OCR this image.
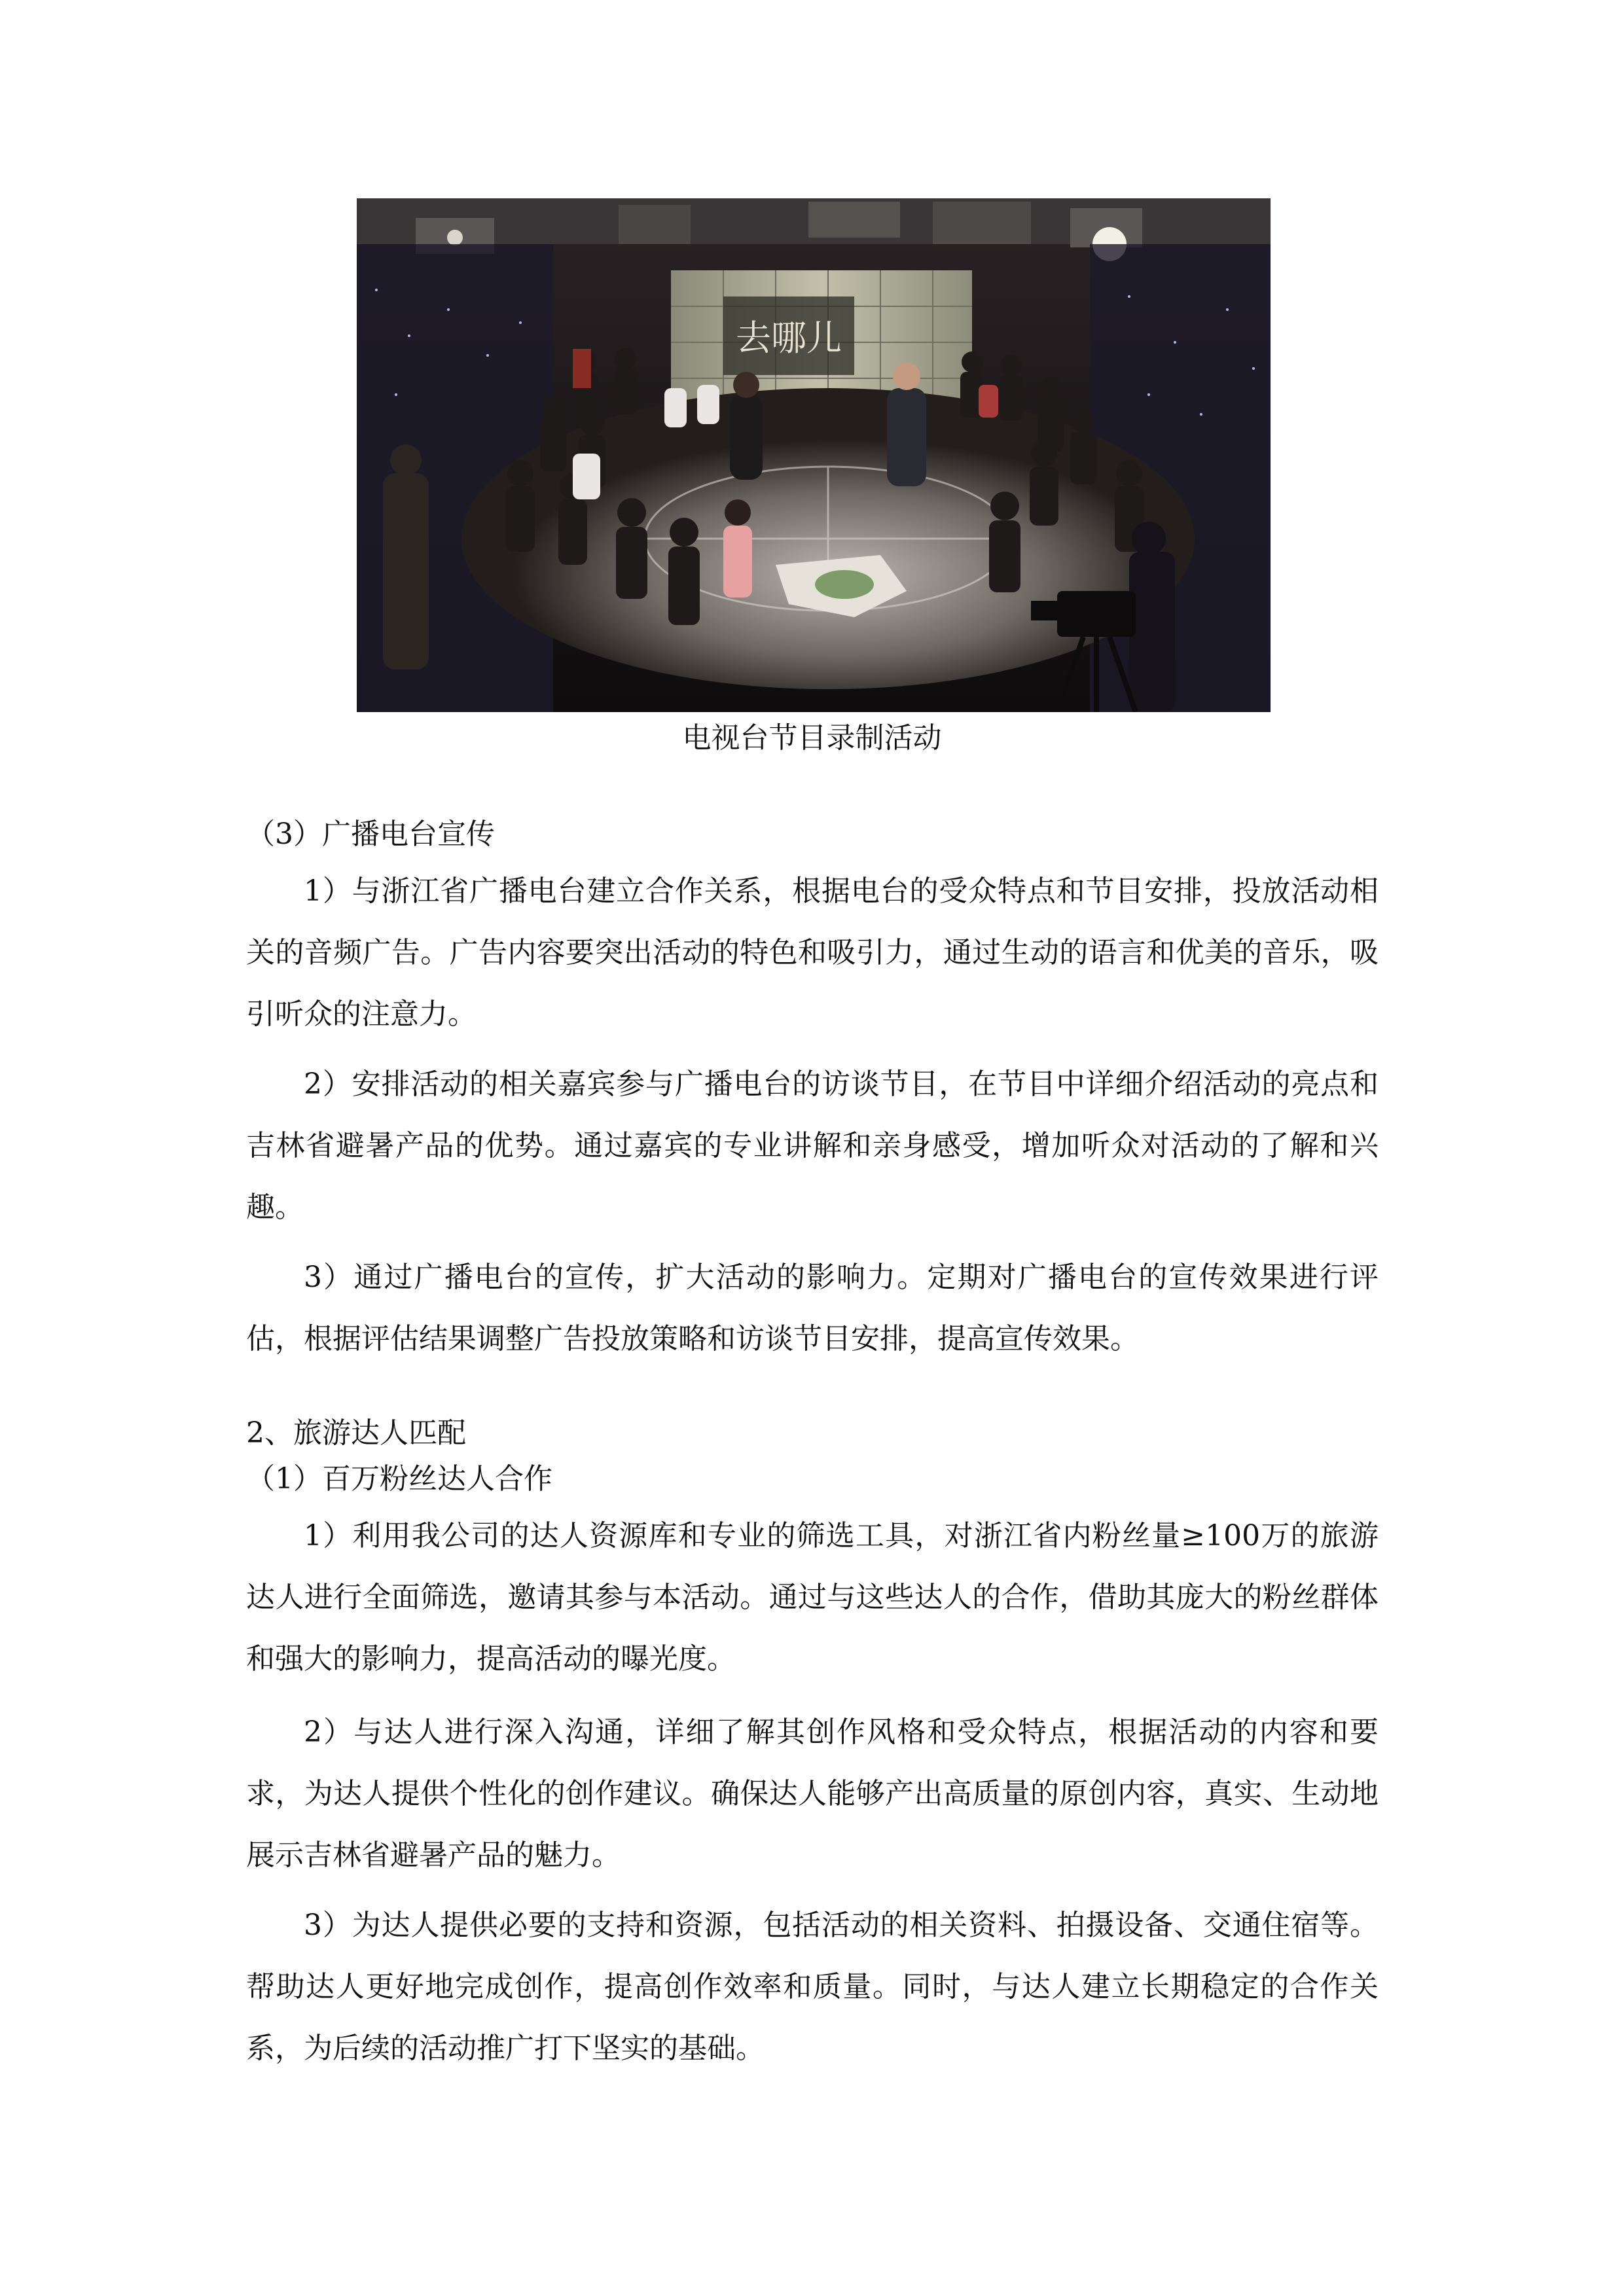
去哪儿
电视台节目录制活动
（3）广播电台宣传
1）与浙江省广播电台建立合作关系，根据电台的受众特点和节目安排，投放活动相关的音频广告。广告内容要突出活动的特色和吸引力，通过生动的语言和优美的音乐，吸引听众的注意力。
2）安排活动的相关嘉宾参与广播电台的访谈节目，在节目中详细介绍活动的亮点和吉林省避暑产品的优势。通过嘉宾的专业讲解和亲身感受，增加听众对活动的了解和兴趣。
3）通过广播电台的宣传，扩大活动的影响力。定期对广播电台的宣传效果进行评估，根据评估结果调整广告投放策略和访谈节目安排，提高宣传效果。
2、旅游达人匹配
（1）百万粉丝达人合作
1）利用我公司的达人资源库和专业的筛选工具，对浙江省内粉丝量≥100万的旅游达人进行全面筛选，邀请其参与本活动。通过与这些达人的合作，借助其庞大的粉丝群体和强大的影响力，提高活动的曝光度。
2）与达人进行深入沟通，详细了解其创作风格和受众特点，根据活动的内容和要求，为达人提供个性化的创作建议。确保达人能够产出高质量的原创内容，真实、生动地展示吉林省避暑产品的魅力。
3）为达人提供必要的支持和资源，包括活动的相关资料、拍摄设备、交通住宿等。帮助达人更好地完成创作，提高创作效率和质量。同时，与达人建立长期稳定的合作关系，为后续的活动推广打下坚实的基础。
